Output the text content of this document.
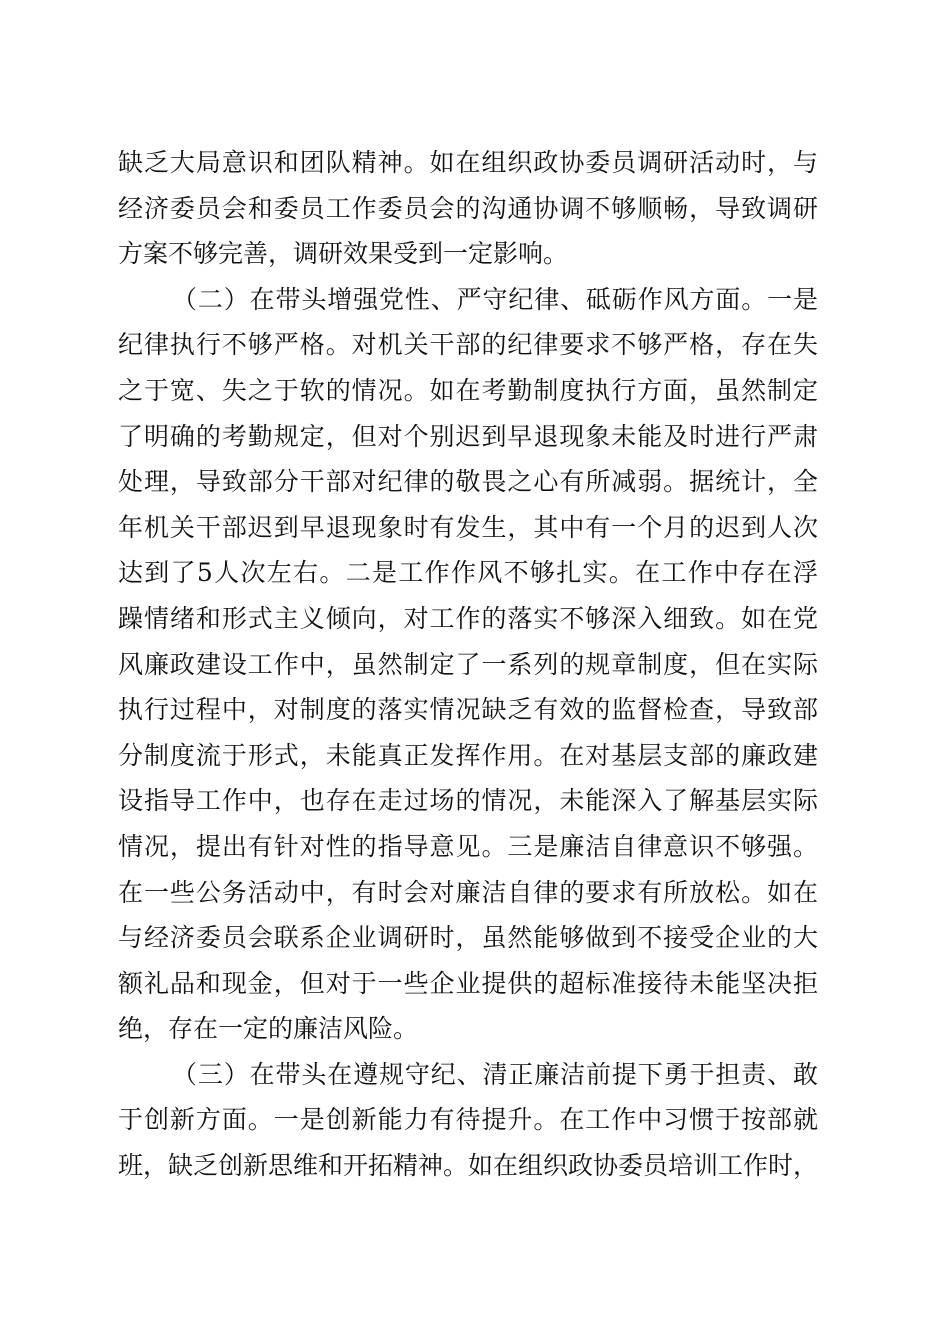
缺乏大局意识和团队精神。如在组织政协委员调研活动时，与
经济委员会和委员工作委员会的沟通协调不够顺畅，导致调研
方案不够完善，调研效果受到一定影响。
（二）在带头增强党性、严守纪律、砥砺作风方面。一是
纪律执行不够严格。对机关干部的纪律要求不够严格，存在失
之于宽、失之于软的情况。如在考勤制度执行方面，虽然制定
了明确的考勤规定，但对个别迟到早退现象未能及时进行严肃
处理，导致部分干部对纪律的敬畏之心有所减弱。据统计，全
年机关干部迟到早退现象时有发生，其中有一个月的迟到人次
达到了5人次左右。二是工作作风不够扎实。在工作中存在浮
躁情绪和形式主义倾向，对工作的落实不够深入细致。如在党
风廉政建设工作中，虽然制定了一系列的规章制度，但在实际
执行过程中，对制度的落实情况缺乏有效的监督检查，导致部
分制度流于形式，未能真正发挥作用。在对基层支部的廉政建
设指导工作中，也存在走过场的情况，未能深入了解基层实际
情况，提出有针对性的指导意见。三是廉洁自律意识不够强。
在一些公务活动中，有时会对廉洁自律的要求有所放松。如在
与经济委员会联系企业调研时，虽然能够做到不接受企业的大
额礼品和现金，但对于一些企业提供的超标准接待未能坚决拒
绝，存在一定的廉洁风险。
（三）在带头在遵规守纪、清正廉洁前提下勇于担责、敢
于创新方面。一是创新能力有待提升。在工作中习惯于按部就
班，缺乏创新思维和开拓精神。如在组织政协委员培训工作时，
